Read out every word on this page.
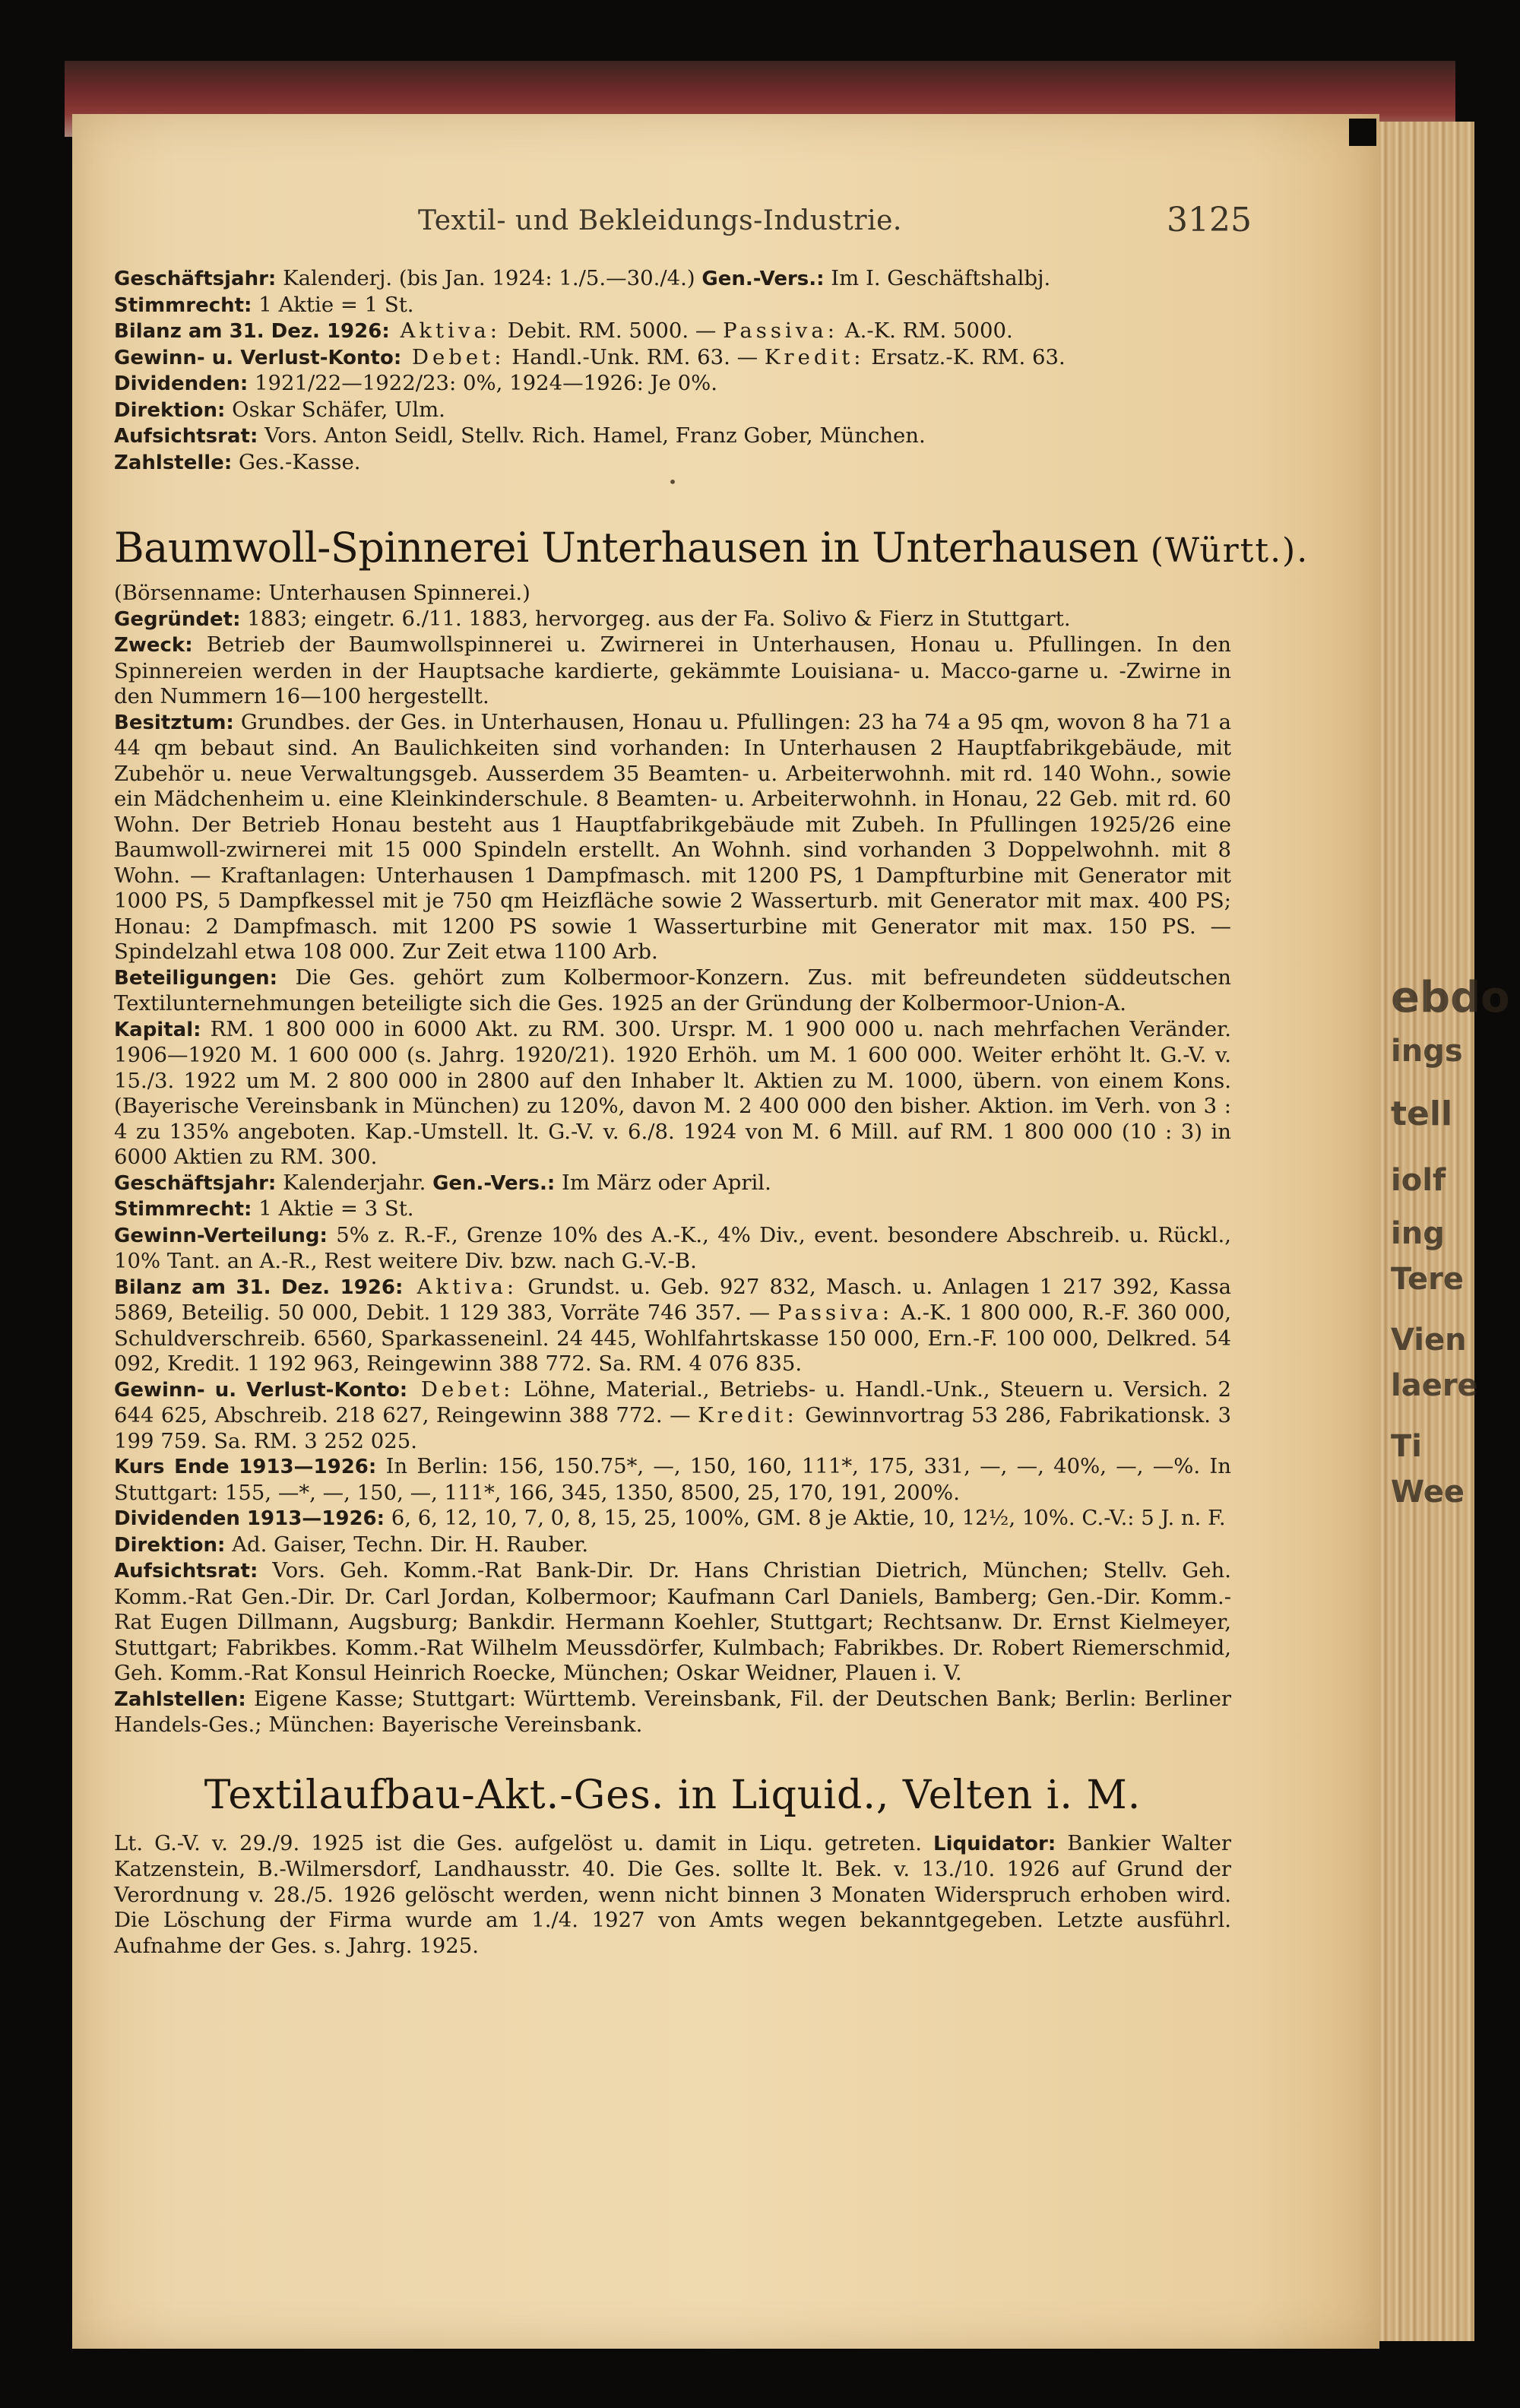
ebdo
ings
tell
iolf
ing
Tere
Vien
laere
Ti
Wee
Textil- und Bekleidungs-Industrie.	3125

Geschäftsjahr: Kalenderj. (bis Jan. 1924: 1./5.—30./4.) Gen.-Vers.: Im I. Geschäftshalbj.

Stimmrecht: 1 Aktie = 1 St.

Bilanz am 31. Dez. 1926: Aktiva: Debit. RM. 5000. — Passiva: A.-K. RM. 5000.

Gewinn- u. Verlust-Konto: Debet: Handl.-Unk. RM. 63. — Kredit: Ersatz.-K. RM. 63.

Dividenden: 1921/22—1922/23: 0%, 1924—1926: Je 0%.

Direktion: Oskar Schäfer, Ulm.

Aufsichtsrat: Vors. Anton Seidl, Stellv. Rich. Hamel, Franz Gober, München.

Zahlstelle: Ges.-Kasse.

•
Baumwoll-Spinnerei Unterhausen in Unterhausen (Württ.).

(Börsenname: Unterhausen Spinnerei.)

Gegründet: 1883; eingetr. 6./11. 1883, hervorgeg. aus der Fa. Solivo & Fierz in Stuttgart.

Zweck: Betrieb der Baumwollspinnerei u. Zwirnerei in Unterhausen, Honau u. Pfullingen. In den Spinnereien werden in der Hauptsache kardierte, gekämmte Louisiana- u. Macco-garne u. -Zwirne in den Nummern 16—100 hergestellt.

Besitztum: Grundbes. der Ges. in Unterhausen, Honau u. Pfullingen: 23 ha 74 a 95 qm, wovon 8 ha 71 a 44 qm bebaut sind. An Baulichkeiten sind vorhanden: In Unterhausen 2 Hauptfabrikgebäude, mit Zubehör u. neue Verwaltungsgeb. Ausserdem 35 Beamten- u. Arbeiterwohnh. mit rd. 140 Wohn., sowie ein Mädchenheim u. eine Kleinkinderschule. 8 Beamten- u. Arbeiterwohnh. in Honau, 22 Geb. mit rd. 60 Wohn. Der Betrieb Honau besteht aus 1 Hauptfabrikgebäude mit Zubeh. In Pfullingen 1925/26 eine Baumwoll-zwirnerei mit 15 000 Spindeln erstellt. An Wohnh. sind vorhanden 3 Doppelwohnh. mit 8 Wohn. — Kraftanlagen: Unterhausen 1 Dampfmasch. mit 1200 PS, 1 Dampfturbine mit Generator mit 1000 PS, 5 Dampfkessel mit je 750 qm Heizfläche sowie 2 Wasserturb. mit Generator mit max. 400 PS; Honau: 2 Dampfmasch. mit 1200 PS sowie 1 Wasserturbine mit Generator mit max. 150 PS. — Spindelzahl etwa 108 000. Zur Zeit etwa 1100 Arb.

Beteiligungen: Die Ges. gehört zum Kolbermoor-Konzern. Zus. mit befreundeten süddeutschen Textilunternehmungen beteiligte sich die Ges. 1925 an der Gründung der Kolbermoor-Union-A.

Kapital: RM. 1 800 000 in 6000 Akt. zu RM. 300. Urspr. M. 1 900 000 u. nach mehrfachen Veränder. 1906—1920 M. 1 600 000 (s. Jahrg. 1920/21). 1920 Erhöh. um M. 1 600 000. Weiter erhöht lt. G.-V. v. 15./3. 1922 um M. 2 800 000 in 2800 auf den Inhaber lt. Aktien zu M. 1000, übern. von einem Kons. (Bayerische Vereinsbank in München) zu 120%, davon M. 2 400 000 den bisher. Aktion. im Verh. von 3 : 4 zu 135% angeboten. Kap.-Umstell. lt. G.-V. v. 6./8. 1924 von M. 6 Mill. auf RM. 1 800 000 (10 : 3) in 6000 Aktien zu RM. 300.

Geschäftsjahr: Kalenderjahr. Gen.-Vers.: Im März oder April.

Stimmrecht: 1 Aktie = 3 St.

Gewinn-Verteilung: 5% z. R.-F., Grenze 10% des A.-K., 4% Div., event. besondere Abschreib. u. Rückl., 10% Tant. an A.-R., Rest weitere Div. bzw. nach G.-V.-B.

Bilanz am 31. Dez. 1926: Aktiva: Grundst. u. Geb. 927 832, Masch. u. Anlagen 1 217 392, Kassa 5869, Beteilig. 50 000, Debit. 1 129 383, Vorräte 746 357. — Passiva: A.-K. 1 800 000, R.-F. 360 000, Schuldverschreib. 6560, Sparkasseneinl. 24 445, Wohlfahrtskasse 150 000, Ern.-F. 100 000, Delkred. 54 092, Kredit. 1 192 963, Reingewinn 388 772. Sa. RM. 4 076 835.

Gewinn- u. Verlust-Konto: Debet: Löhne, Material., Betriebs- u. Handl.-Unk., Steuern u. Versich. 2 644 625, Abschreib. 218 627, Reingewinn 388 772. — Kredit: Gewinnvortrag 53 286, Fabrikationsk. 3 199 759. Sa. RM. 3 252 025.

Kurs Ende 1913—1926: In Berlin: 156, 150.75*, —, 150, 160, 111*, 175, 331, —, —, 40%, —, —%. In Stuttgart: 155, —*, —, 150, —, 111*, 166, 345, 1350, 8500, 25, 170, 191, 200%.

Dividenden 1913—1926: 6, 6, 12, 10, 7, 0, 8, 15, 25, 100%, GM. 8 je Aktie, 10, 12½, 10%. C.-V.: 5 J. n. F.

Direktion: Ad. Gaiser, Techn. Dir. H. Rauber.

Aufsichtsrat: Vors. Geh. Komm.-Rat Bank-Dir. Dr. Hans Christian Dietrich, München; Stellv. Geh. Komm.-Rat Gen.-Dir. Dr. Carl Jordan, Kolbermoor; Kaufmann Carl Daniels, Bamberg; Gen.-Dir. Komm.-Rat Eugen Dillmann, Augsburg; Bankdir. Hermann Koehler, Stuttgart; Rechtsanw. Dr. Ernst Kielmeyer, Stuttgart; Fabrikbes. Komm.-Rat Wilhelm Meussdörfer, Kulmbach; Fabrikbes. Dr. Robert Riemerschmid, Geh. Komm.-Rat Konsul Heinrich Roecke, München; Oskar Weidner, Plauen i. V.

Zahlstellen: Eigene Kasse; Stuttgart: Württemb. Vereinsbank, Fil. der Deutschen Bank; Berlin: Berliner Handels-Ges.; München: Bayerische Vereinsbank.

Textilaufbau-Akt.-Ges. in Liquid., Velten i. M.

Lt. G.-V. v. 29./9. 1925 ist die Ges. aufgelöst u. damit in Liqu. getreten. Liquidator: Bankier Walter Katzenstein, B.-Wilmersdorf, Landhausstr. 40. Die Ges. sollte lt. Bek. v. 13./10. 1926 auf Grund der Verordnung v. 28./5. 1926 gelöscht werden, wenn nicht binnen 3 Monaten Widerspruch erhoben wird. Die Löschung der Firma wurde am 1./4. 1927 von Amts wegen bekanntgegeben. Letzte ausführl. Aufnahme der Ges. s. Jahrg. 1925.
